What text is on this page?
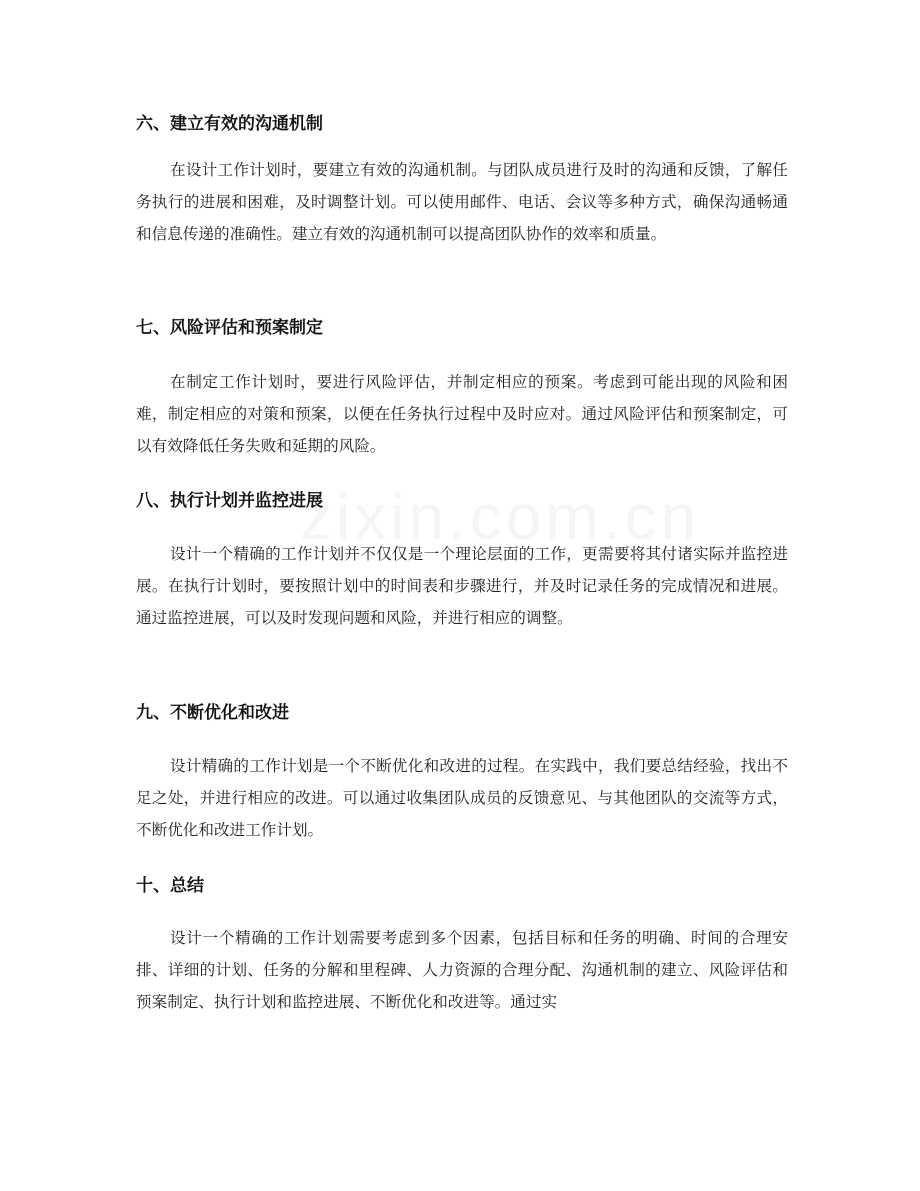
zixin.com.cn
六、建立有效的沟通机制

在设计工作计划时，要建立有效的沟通机制。与团队成员进行及时的沟通和反馈，了解任务执行的进展和困难，及时调整计划。可以使用邮件、电话、会议等多种方式，确保沟通畅通和信息传递的准确性。建立有效的沟通机制可以提高团队协作的效率和质量。

七、风险评估和预案制定

在制定工作计划时，要进行风险评估，并制定相应的预案。考虑到可能出现的风险和困难，制定相应的对策和预案，以便在任务执行过程中及时应对。通过风险评估和预案制定，可以有效降低任务失败和延期的风险。

八、执行计划并监控进展

设计一个精确的工作计划并不仅仅是一个理论层面的工作，更需要将其付诸实际并监控进展。在执行计划时，要按照计划中的时间表和步骤进行，并及时记录任务的完成情况和进展。通过监控进展，可以及时发现问题和风险，并进行相应的调整。

九、不断优化和改进

设计精确的工作计划是一个不断优化和改进的过程。在实践中，我们要总结经验，找出不足之处，并进行相应的改进。可以通过收集团队成员的反馈意见、与其他团队的交流等方式，不断优化和改进工作计划。

十、总结

设计一个精确的工作计划需要考虑到多个因素，包括目标和任务的明确、时间的合理安排、详细的计划、任务的分解和里程碑、人力资源的合理分配、沟通机制的建立、风险评估和预案制定、执行计划和监控进展、不断优化和改进等。通过实
